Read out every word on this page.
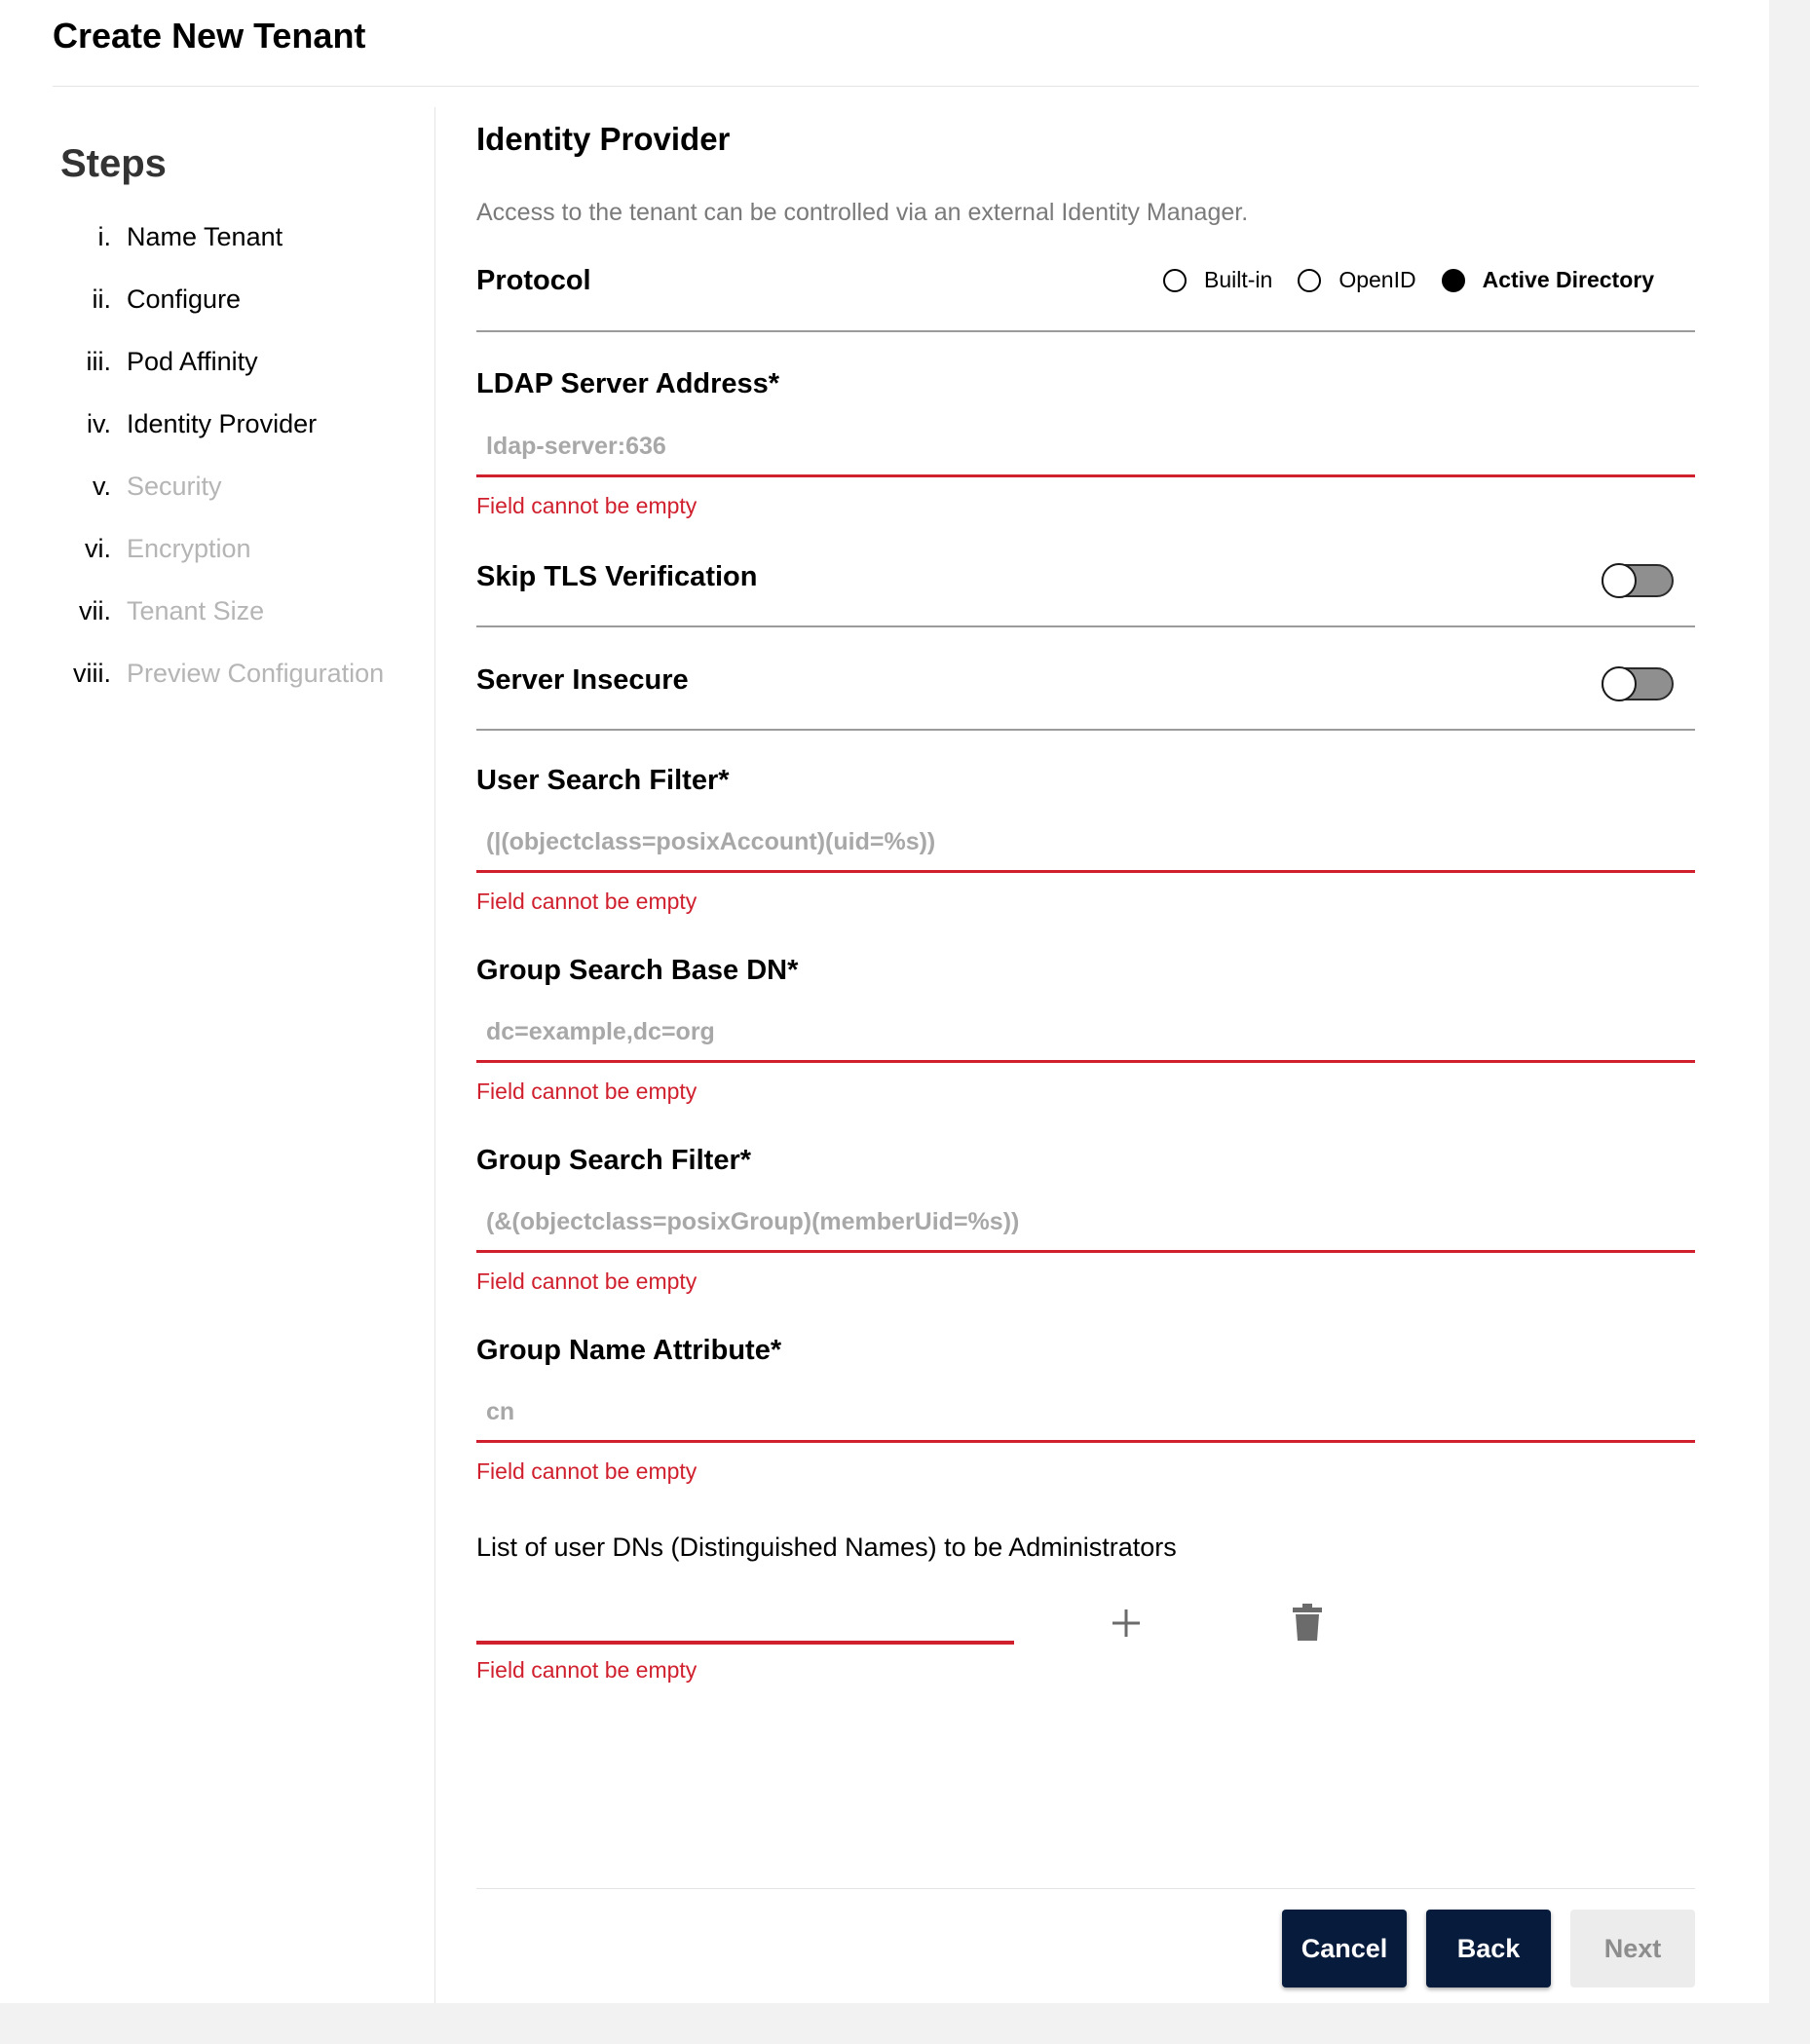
Create New Tenant
Steps
i. Name Tenant
ii. Configure
iii. Pod Affinity
iv. Identity Provider
v. Security
vi. Encryption
vii. Tenant Size
viii. Preview Configuration
Identity Provider
Access to the tenant can be controlled via an external Identity Manager.
Protocol	Built-in	OpenID	Active Directory
LDAP Server Address*
ldap-server:636
Field cannot be empty
Skip TLS Verification
Server Insecure
User Search Filter*
(|(objectclass=posixAccount)(uid=%s))
Field cannot be empty
Group Search Base DN*
dc=example,dc=org
Field cannot be empty
Group Search Filter*
(&(objectclass=posixGroup)(memberUid=%s))
Field cannot be empty
Group Name Attribute*
cn
Field cannot be empty
List of user DNs (Distinguished Names) to be Administrators
Field cannot be empty
Cancel	Back	Next
